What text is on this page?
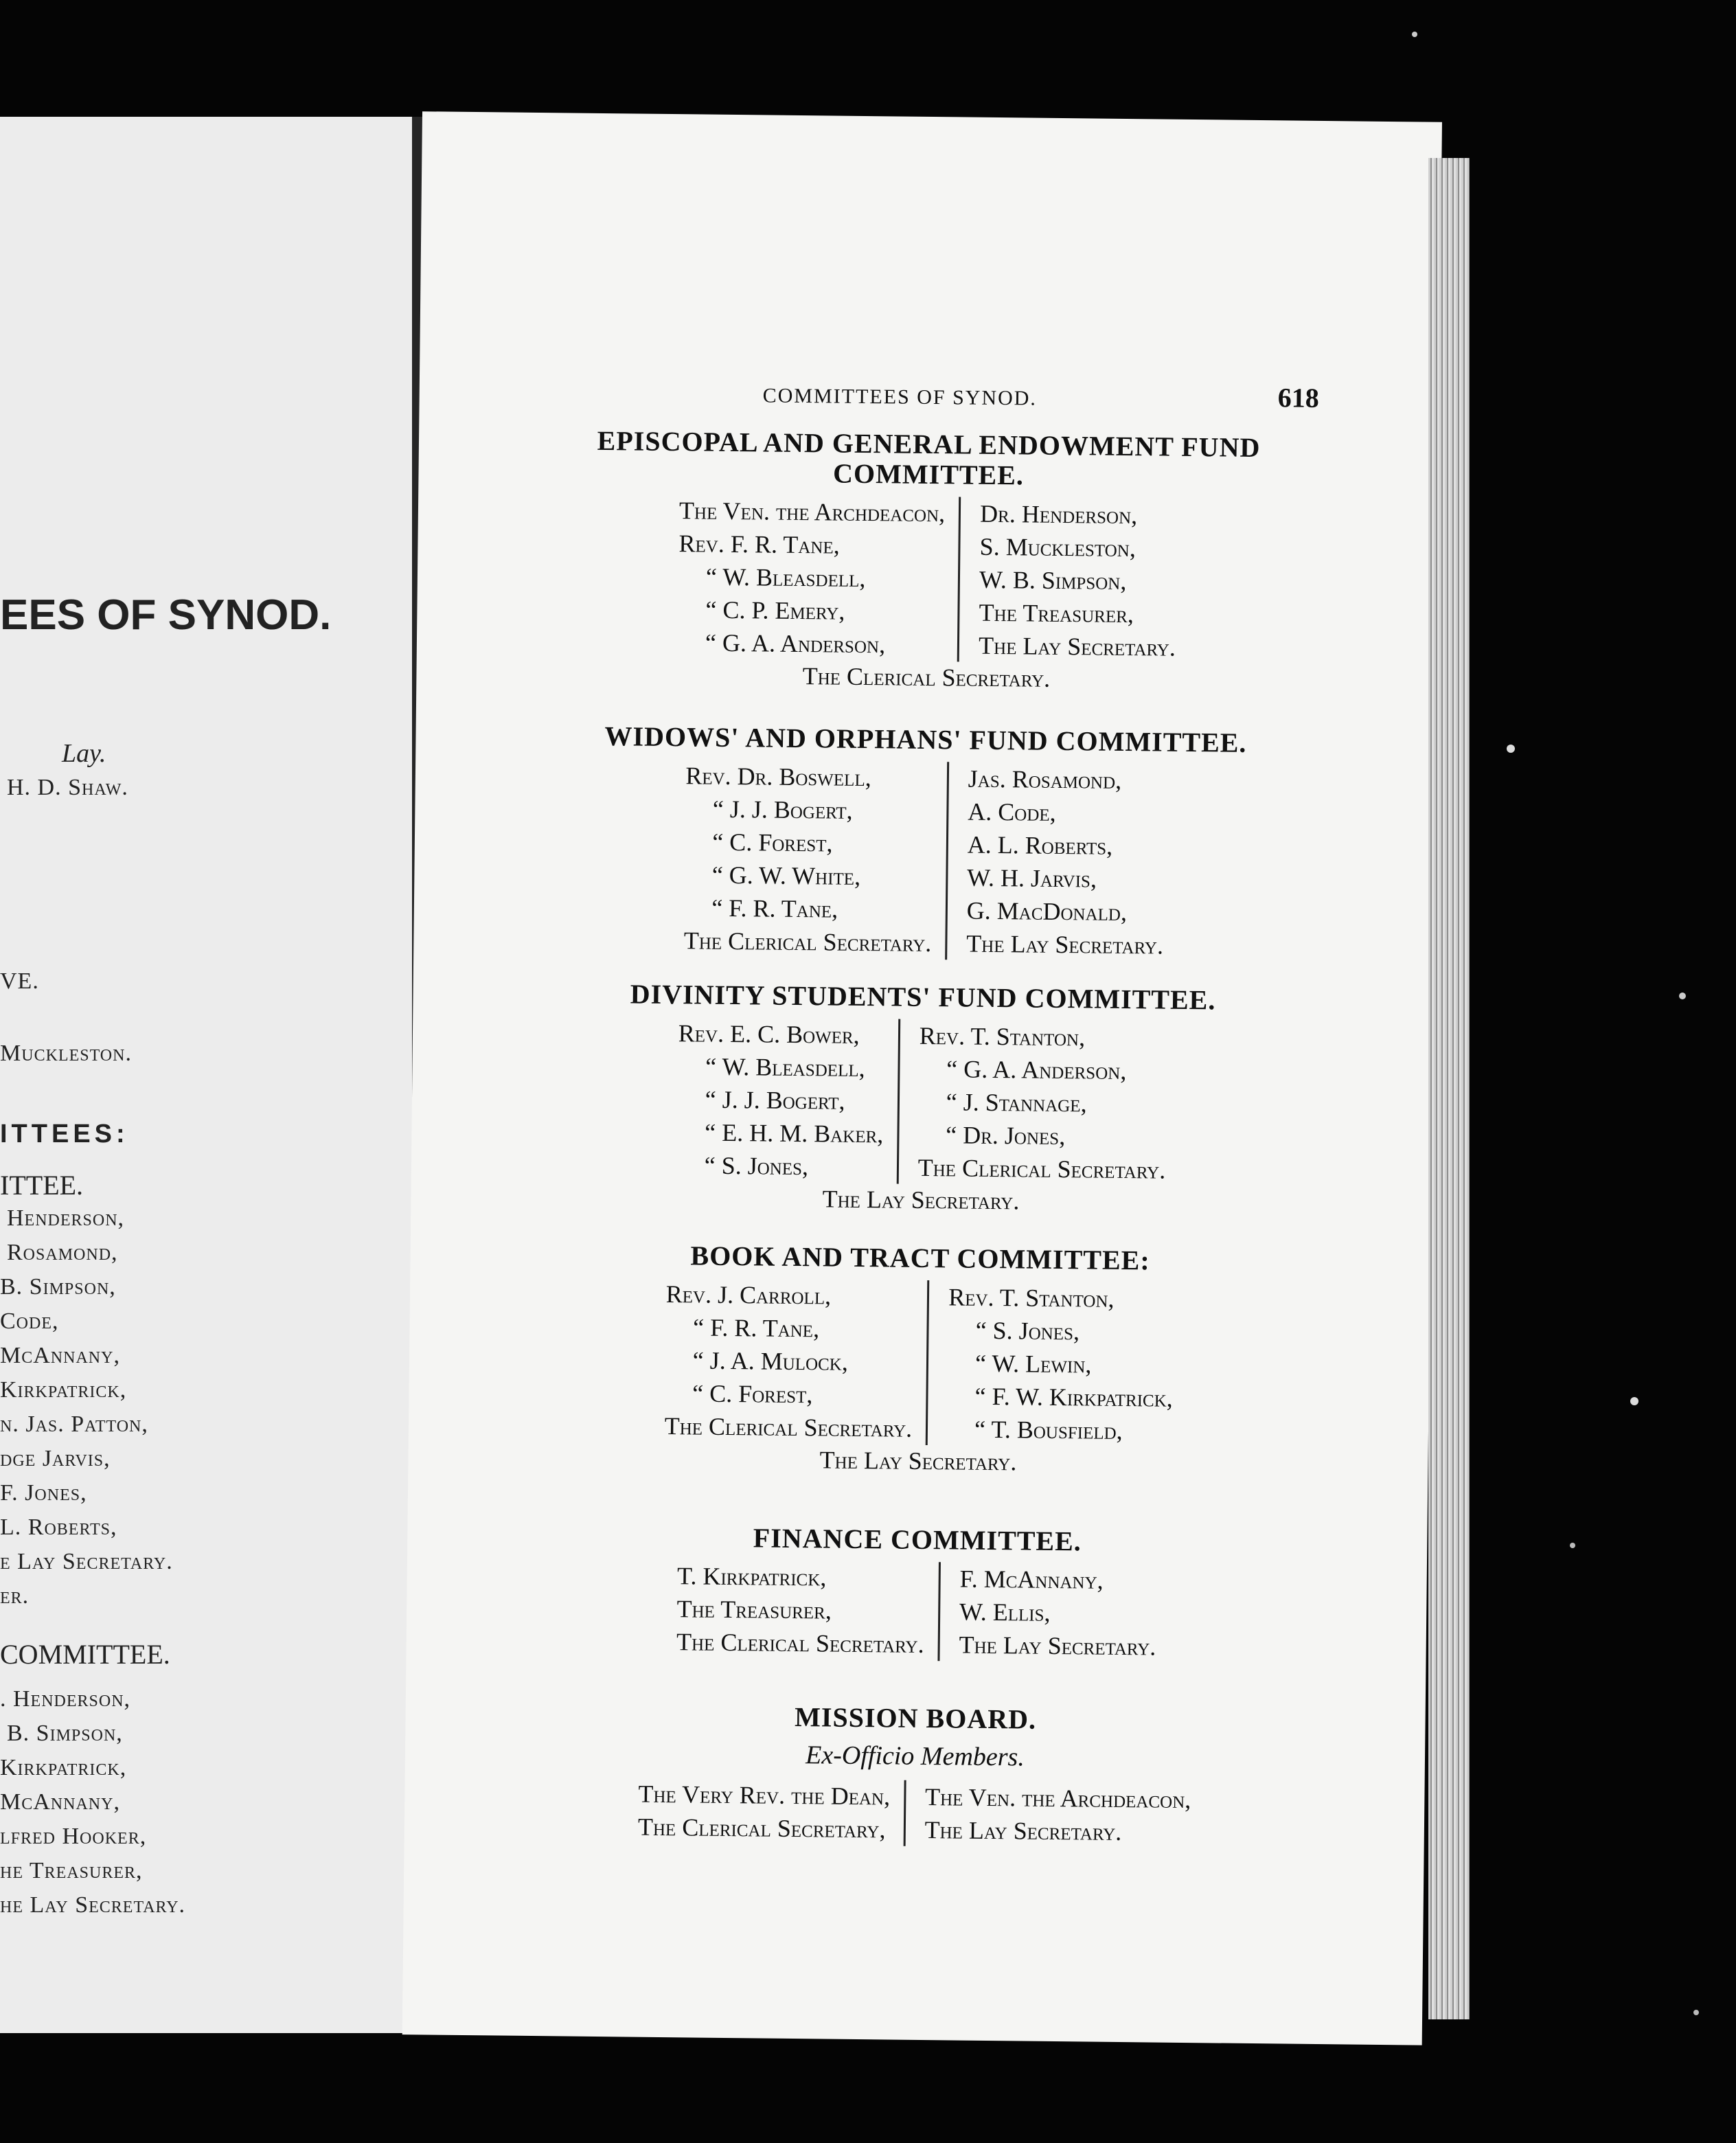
EES OF SYNOD.
Lay.
H. D. Shaw.
VE.
Muckleston.
ITTEES:
ITTEE.
Henderson,
Rosamond,
B. Simpson,
Code,
McAnnany,
Kirkpatrick,
n. Jas. Patton,
dge Jarvis,
F. Jones,
L. Roberts,
e Lay Secretary.
er.
COMMITTEE.
. Henderson,
B. Simpson,
Kirkpatrick,
McAnnany,
lfred Hooker,
he Treasurer,
he Lay Secretary.
COMMITTEES OF SYNOD.	618
EPISCOPAL AND GENERAL ENDOWMENT FUND COMMITTEE.
The Ven. the Archdeacon,
Rev. F. R. Tane,
“ W. Bleasdell,
“ C. P. Emery,
“ G. A. Anderson,
Dr. Henderson,
S. Muckleston,
W. B. Simpson,
The Treasurer,
The Lay Secretary.
The Clerical Secretary.
WIDOWS' AND ORPHANS' FUND COMMITTEE.
Rev. Dr. Boswell,
“ J. J. Bogert,
“ C. Forest,
“ G. W. White,
“ F. R. Tane,
The Clerical Secretary.
Jas. Rosamond,
A. Code,
A. L. Roberts,
W. H. Jarvis,
G. MacDonald,
The Lay Secretary.
DIVINITY STUDENTS' FUND COMMITTEE.
Rev. E. C. Bower,
“ W. Bleasdell,
“ J. J. Bogert,
“ E. H. M. Baker,
“ S. Jones,
Rev. T. Stanton,
“ G. A. Anderson,
“ J. Stannage,
“ Dr. Jones,
The Clerical Secretary.
The Lay Secretary.
BOOK AND TRACT COMMITTEE:
Rev. J. Carroll,
“ F. R. Tane,
“ J. A. Mulock,
“ C. Forest,
The Clerical Secretary.
Rev. T. Stanton,
“ S. Jones,
“ W. Lewin,
“ F. W. Kirkpatrick,
“ T. Bousfield,
The Lay Secretary.
FINANCE COMMITTEE.
T. Kirkpatrick,
The Treasurer,
The Clerical Secretary.
F. McAnnany,
W. Ellis,
The Lay Secretary.
MISSION BOARD.
Ex-Officio Members.
The Very Rev. the Dean,
The Clerical Secretary,
The Ven. the Archdeacon,
The Lay Secretary.
